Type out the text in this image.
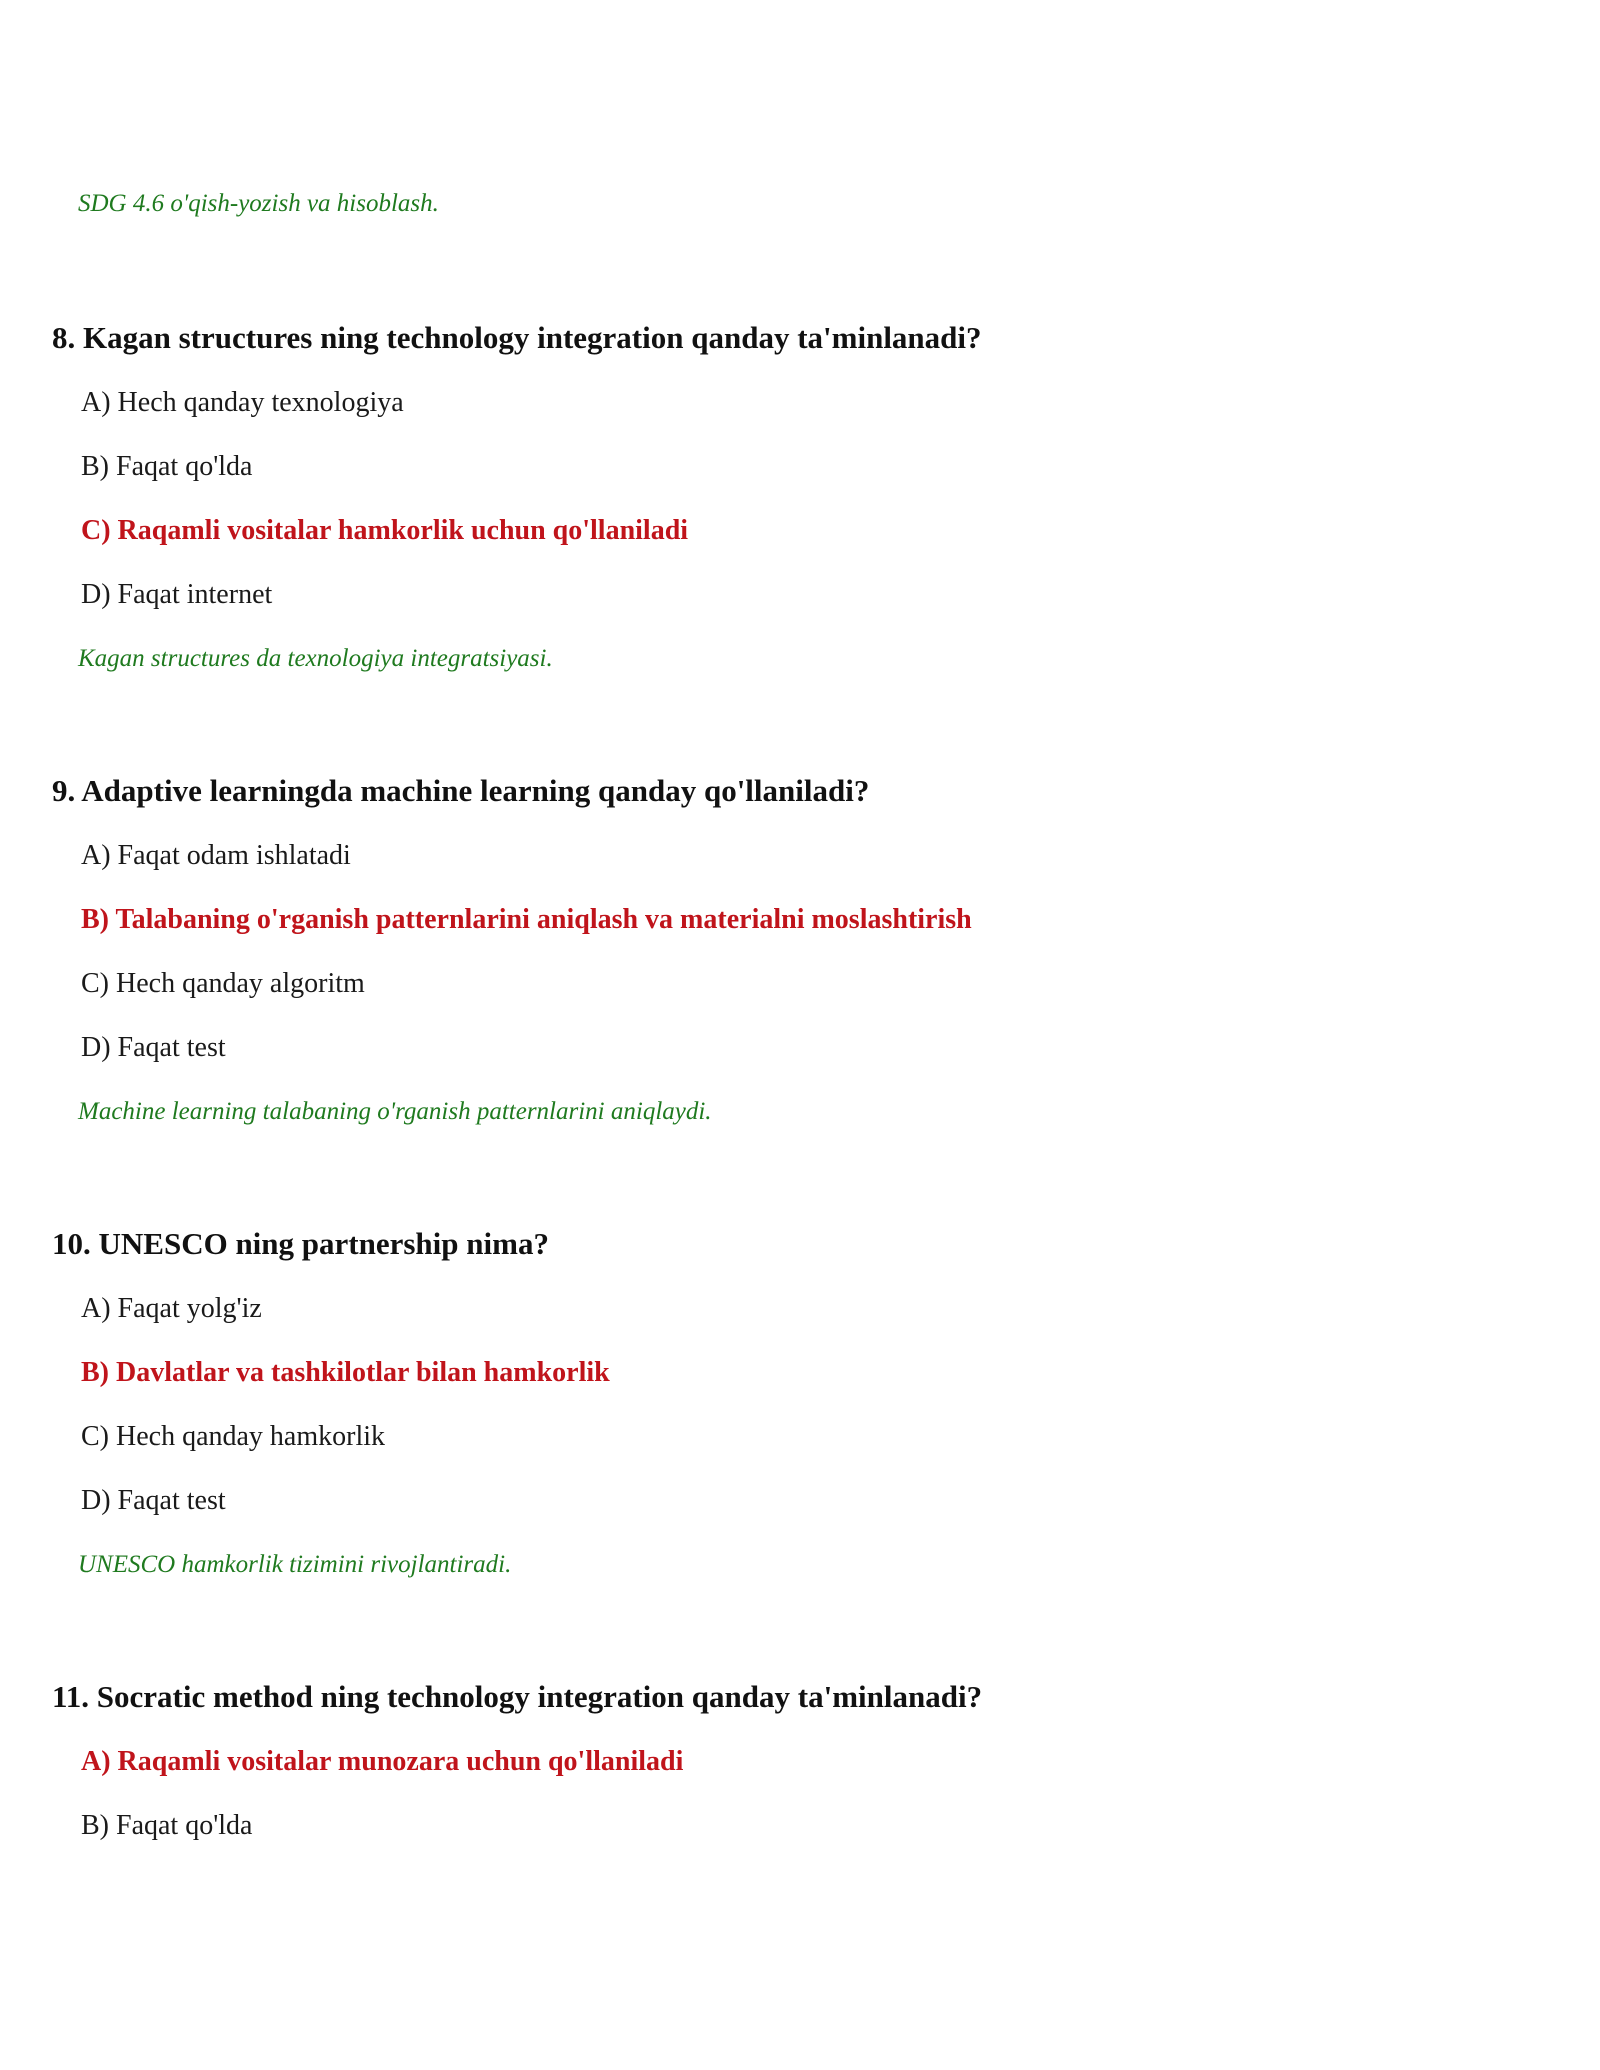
SDG 4.6 o'qish-yozish va hisoblash.
8. Kagan structures ning technology integration qanday ta'minlanadi?
A) Hech qanday texnologiya
B) Faqat qo'lda
C) Raqamli vositalar hamkorlik uchun qo'llaniladi
D) Faqat internet
Kagan structures da texnologiya integratsiyasi.
9. Adaptive learningda machine learning qanday qo'llaniladi?
A) Faqat odam ishlatadi
B) Talabaning o'rganish patternlarini aniqlash va materialni moslashtirish
C) Hech qanday algoritm
D) Faqat test
Machine learning talabaning o'rganish patternlarini aniqlaydi.
10. UNESCO ning partnership nima?
A) Faqat yolg'iz
B) Davlatlar va tashkilotlar bilan hamkorlik
C) Hech qanday hamkorlik
D) Faqat test
UNESCO hamkorlik tizimini rivojlantiradi.
11. Socratic method ning technology integration qanday ta'minlanadi?
A) Raqamli vositalar munozara uchun qo'llaniladi
B) Faqat qo'lda
